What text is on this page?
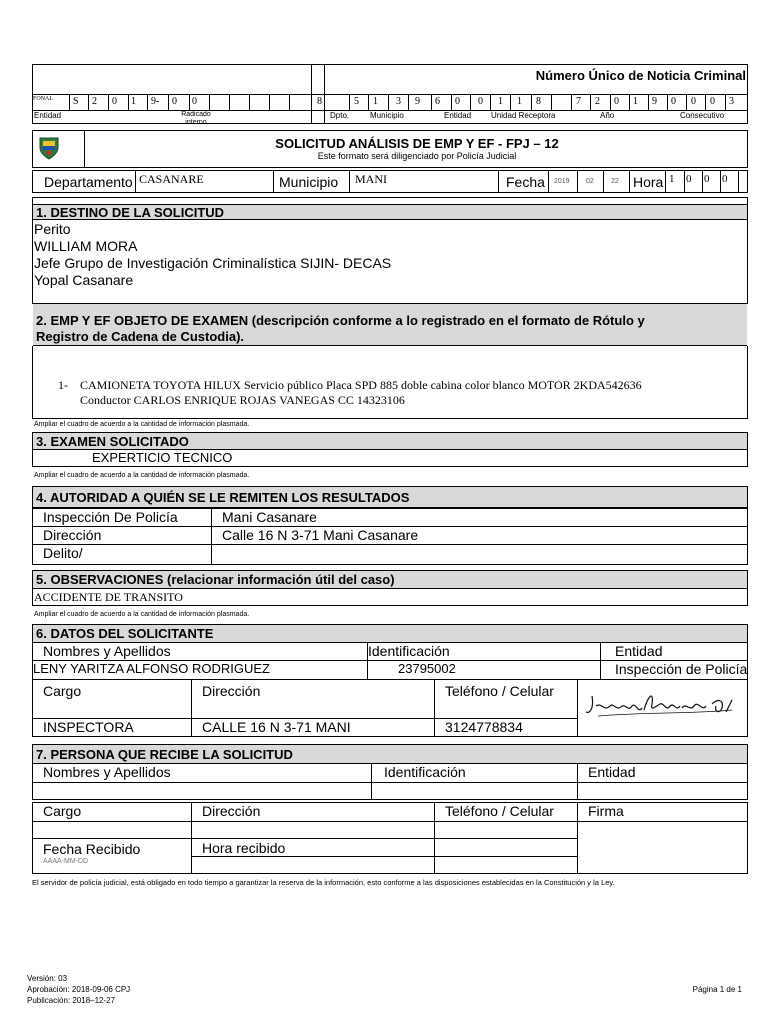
Número Único de Noticia Criminal
FONAL S 2 0 1 9- 0 0	8	5 1 3 9 6 0 0 1 1 8	7 2 0 1 9 0 0 0 3
Entidad	Radicado interno
Dpto.	Municipio	Entidad Unidad Receptora	Año	Consecutivo
SOLICITUD ANÁLISIS DE EMP Y EF - FPJ – 12
Este formato será diligenciado por Policía Judicial
Departamento CASANARE	Municipio MANI	Fecha 2019 02 22 Hora 1 0 0 0
1. DESTINO DE LA SOLICITUD
Perito
WILLIAM MORA
Jefe Grupo de Investigación Criminalística SIJIN- DECAS
Yopal Casanare
2. EMP Y EF OBJETO DE EXAMEN (descripción conforme a lo registrado en el formato de Rótulo y
Registro de Cadena de Custodia).
1- CAMIONETA TOYOTA HILUX Servicio público Placa SPD 885 doble cabina color blanco MOTOR 2KDA542636
Conductor CARLOS ENRIQUE ROJAS VANEGAS CC 14323106
Ampliar el cuadro de acuerdo a la cantidad de información plasmada.
3. EXAMEN SOLICITADO
EXPERTICIO TECNICO
Ampliar el cuadro de acuerdo a la cantidad de información plasmada.
4. AUTORIDAD A QUIÉN SE LE REMITEN LOS RESULTADOS
Inspección De Policía	Mani Casanare
Dirección	Calle 16 N 3-71 Mani Casanare
Delito/
5. OBSERVACIONES (relacionar información útil del caso)
ACCIDENTE DE TRANSITO
Ampliar el cuadro de acuerdo a la cantidad de información plasmada.
6. DATOS DEL SOLICITANTE
Nombres y Apellidos	Identificación	Entidad
LENY YARITZA ALFONSO RODRIGUEZ	23795002	Inspección de Policía
Cargo	Dirección	Teléfono / Celular
INSPECTORA	CALLE 16 N 3-71 MANI	3124778834
7. PERSONA QUE RECIBE LA SOLICITUD
Nombres y Apellidos	Identificación	Entidad
Cargo	Dirección	Teléfono / Celular	Firma
Fecha Recibido
AAAA-MM-DD
Hora recibido
El servidor de policía judicial, está obligado en todo tiempo a garantizar la reserva de la información, esto conforme a las disposiciones establecidas en la Constitución y la Ley.
Versión: 03
Aprobación: 2018-09-06 CPJ
Publicación: 2018–12-27
Página 1 de 1
